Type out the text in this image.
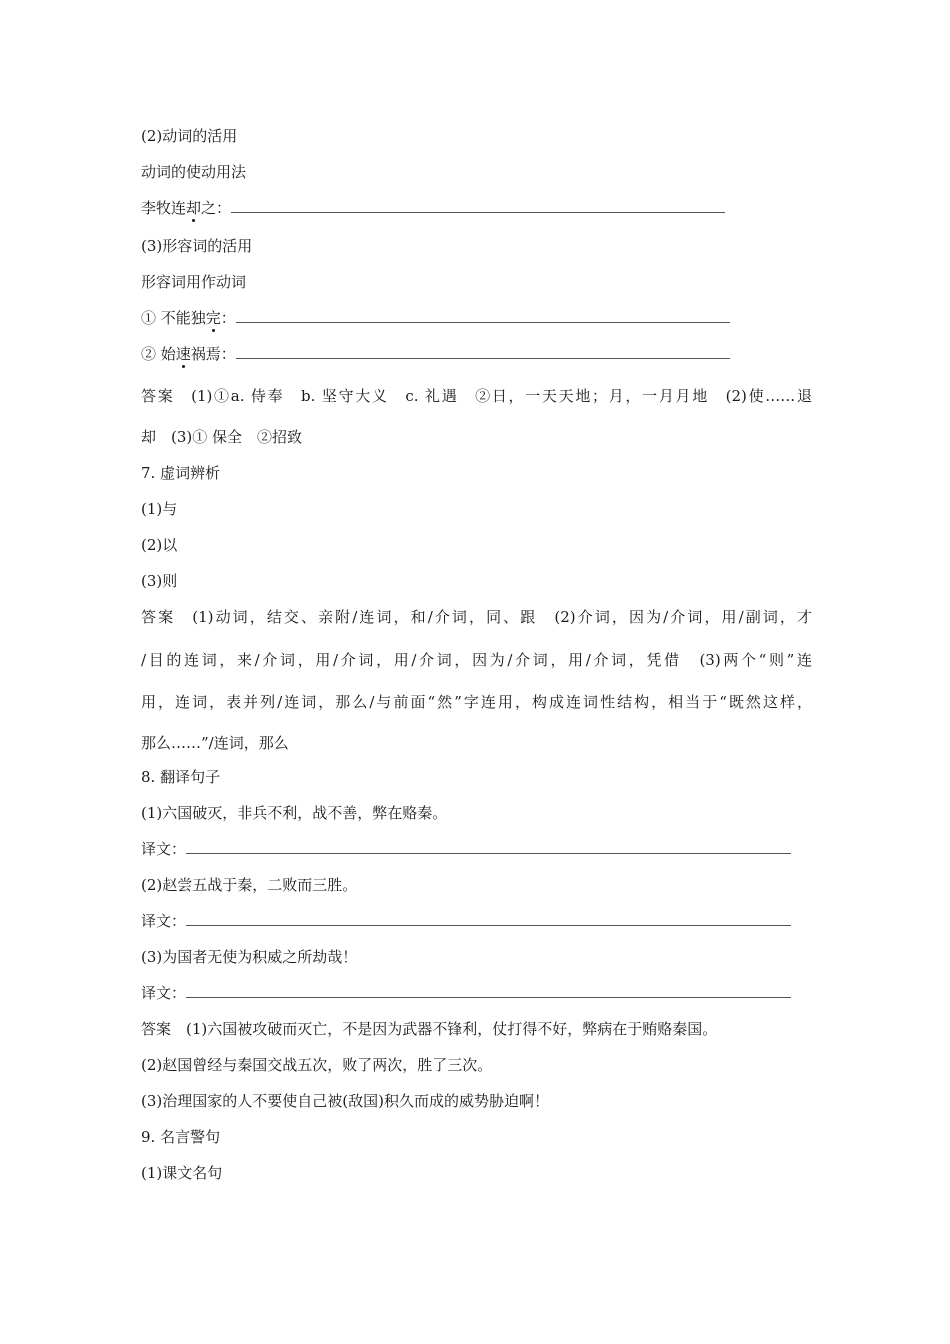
(2)动词的活用
动词的使动用法
李牧连却之：
(3)形容词的活用
形容词用作动词
① 不能独完：
② 始速祸焉：
答案　(1)①a. 侍奉　b. 坚守大义　c. 礼遇　②日，一天天地；月，一月月地　(2)使……退
却　(3)① 保全　②招致
7. 虚词辨析
(1)与
(2)以
(3)则
答案　(1)动词，结交、亲附/连词，和/介词，同、跟　(2)介词，因为/介词，用/副词，才
/目的连词，来/介词，用/介词，用/介词，因为/介词，用/介词，凭借　(3)两个“则”连
用，连词，表并列/连词，那么/与前面“然”字连用，构成连词性结构，相当于“既然这样，
那么……”/连词，那么
8. 翻译句子
(1)六国破灭，非兵不利，战不善，弊在赂秦。
译文：
(2)赵尝五战于秦，二败而三胜。
译文：
(3)为国者无使为积威之所劫哉！
译文：
答案　(1)六国被攻破而灭亡，不是因为武器不锋利，仗打得不好，弊病在于贿赂秦国。
(2)赵国曾经与秦国交战五次，败了两次，胜了三次。
(3)治理国家的人不要使自己被(敌国)积久而成的威势胁迫啊！
9. 名言警句
(1)课文名句
